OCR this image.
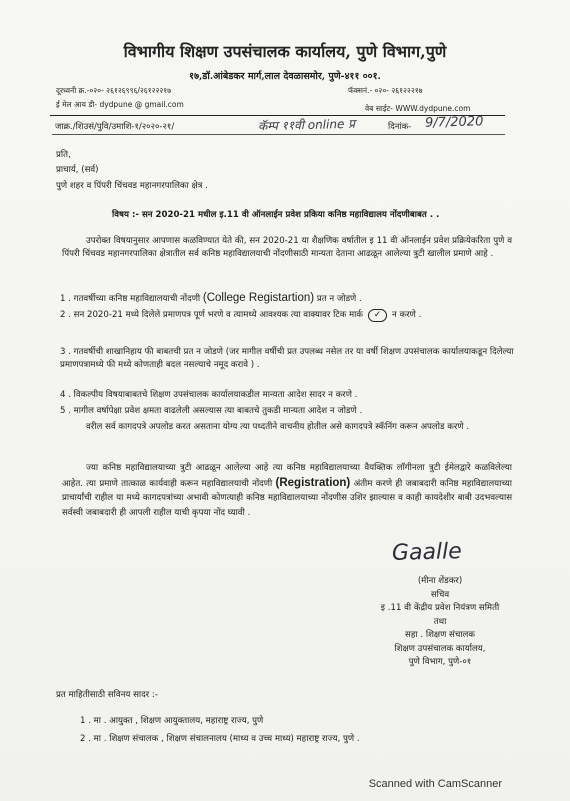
विभागीय शिक्षण उपसंचालक कार्यालय, पुणे विभाग,पुणे
१७,डॉ.आंबेडकर मार्ग,लाल देवळासमोर, पुणे-४११ ००१.
दूरध्वनी क्र.-०२०- २६१२६९९६/२६१२२२१७	फॅक्सनं.- ०२०- २६१२२२१७
ई मेल आय डी- dydpune @ gmail.com	वेब साईट- WWW.dydpune.com
जाक्र./शिउसं/पुवि/उमाशि-१/२०२०-२१/	कॅम्प ११वी online प्र	दिनांक- 9/7/2020
प्रति,
प्राचार्य, (सर्व)
पुणे शहर व पिंपरी चिंचवड महानगरपालिका क्षेत्र .
विषय :- सन 2020-21 मधील इ.11 वी ऑनलाईन प्रवेश प्रकिया कनिष्ठ महाविद्यालय नोंदणीबाबत . .
उपरोक्त विषयानुसार आपणास कळविण्यात येते की, सन 2020-21 या शैक्षणिक वर्षातील इ 11 वी ऑनलाईन प्रवेश प्रक्रियेकरिता पुणे व पिंपरी चिंचवड महानगरपालिका क्षेत्रातील सर्व कनिष्ठ महाविद्यालयाची नोंदणीसाठी मान्यता देताना आढळून आलेल्या त्रुटी खालील प्रमाणे आहे .
1 . गतवर्षीच्या कनिष्ठ महाविद्यालयाची नोंदणी (College Registartion) प्रत न जोडणे .
2 . सन 2020-21 मध्ये दिलेले प्रमाणपत्र पूर्ण भरणे व त्यामध्ये आवश्यक त्या वाक्यावर टिक मार्क ✓ न करणे .
3 . गतवर्षीची शाखानिहाय फी बाबतची प्रत न जोडणे (जर मागील वर्षीची प्रत उपलब्ध नसेल तर या वर्षी शिक्षण उपसंचालक कार्यालयाकडून दिलेल्या प्रमाणपत्रामध्ये फी मध्ये कोणताही बदल नसल्याचे नमूद करावे ) .
4 . विकल्पीय विषयाबाबतचे शिक्षण उपसंचालक कार्यालयाकडील मान्यता आदेश सादर न करणे .
5 . मागील वर्षापेक्षा प्रवेश क्षमता वाढलेली असल्यास त्या बाबतचे तुकडी मान्यता आदेश न जोडणे .
वरील सर्व कागदपत्रे अपलोड करत असताना योग्य त्या पध्दतीने वाचनीय होतील असे कागदपत्रे स्कॅनिंग करून अपलोड करणे .
ज्या कनिष्ठ महाविद्यालयाच्या त्रुटी आढळून आलेल्या आहे त्या कनिष्ठ महाविद्यालयाच्या वैयक्तिक लॉगीनला त्रुटी ईमेलद्वारे कळविलेल्या आहेत. त्या प्रमाणे तात्काळ कार्यवाही करून महाविद्यालयाची नोंदणी (Registration) अंतीम करणे ही जबाबदारी कनिष्ठ महाविद्यालयाच्या प्राचार्यांची राहील या मध्ये कागदपत्रांच्या अभावी कोणत्याही कनिष्ठ महाविद्यालयाच्या नोंदणीस उशिर झाल्यास व काही कायदेशीर बाबी उदभवल्यास सर्वस्वी जबाबदारी ही आपली राहील याची कृपया नोंद घ्यावी .
Gaalle
(मीना शेंडकर)
सचिव
इ .11 वी केंद्रीय प्रवेश नियंत्रण समिती
तथा
सहा . शिक्षण संचालक
शिक्षण उपसंचालक कार्यालय,
पुणे विभाग, पुणे-०१
प्रत माहितीसाठी सविनय सादर :-
1 . मा . आयुक्त , शिक्षण आयुक्तालय, महाराष्ट्र राज्य, पुणे
2 . मा . शिक्षण संचालक , शिक्षण संचालनालय (माध्य व उच्च माध्य) महाराष्ट्र राज्य, पुणे .
Scanned with CamScanner
